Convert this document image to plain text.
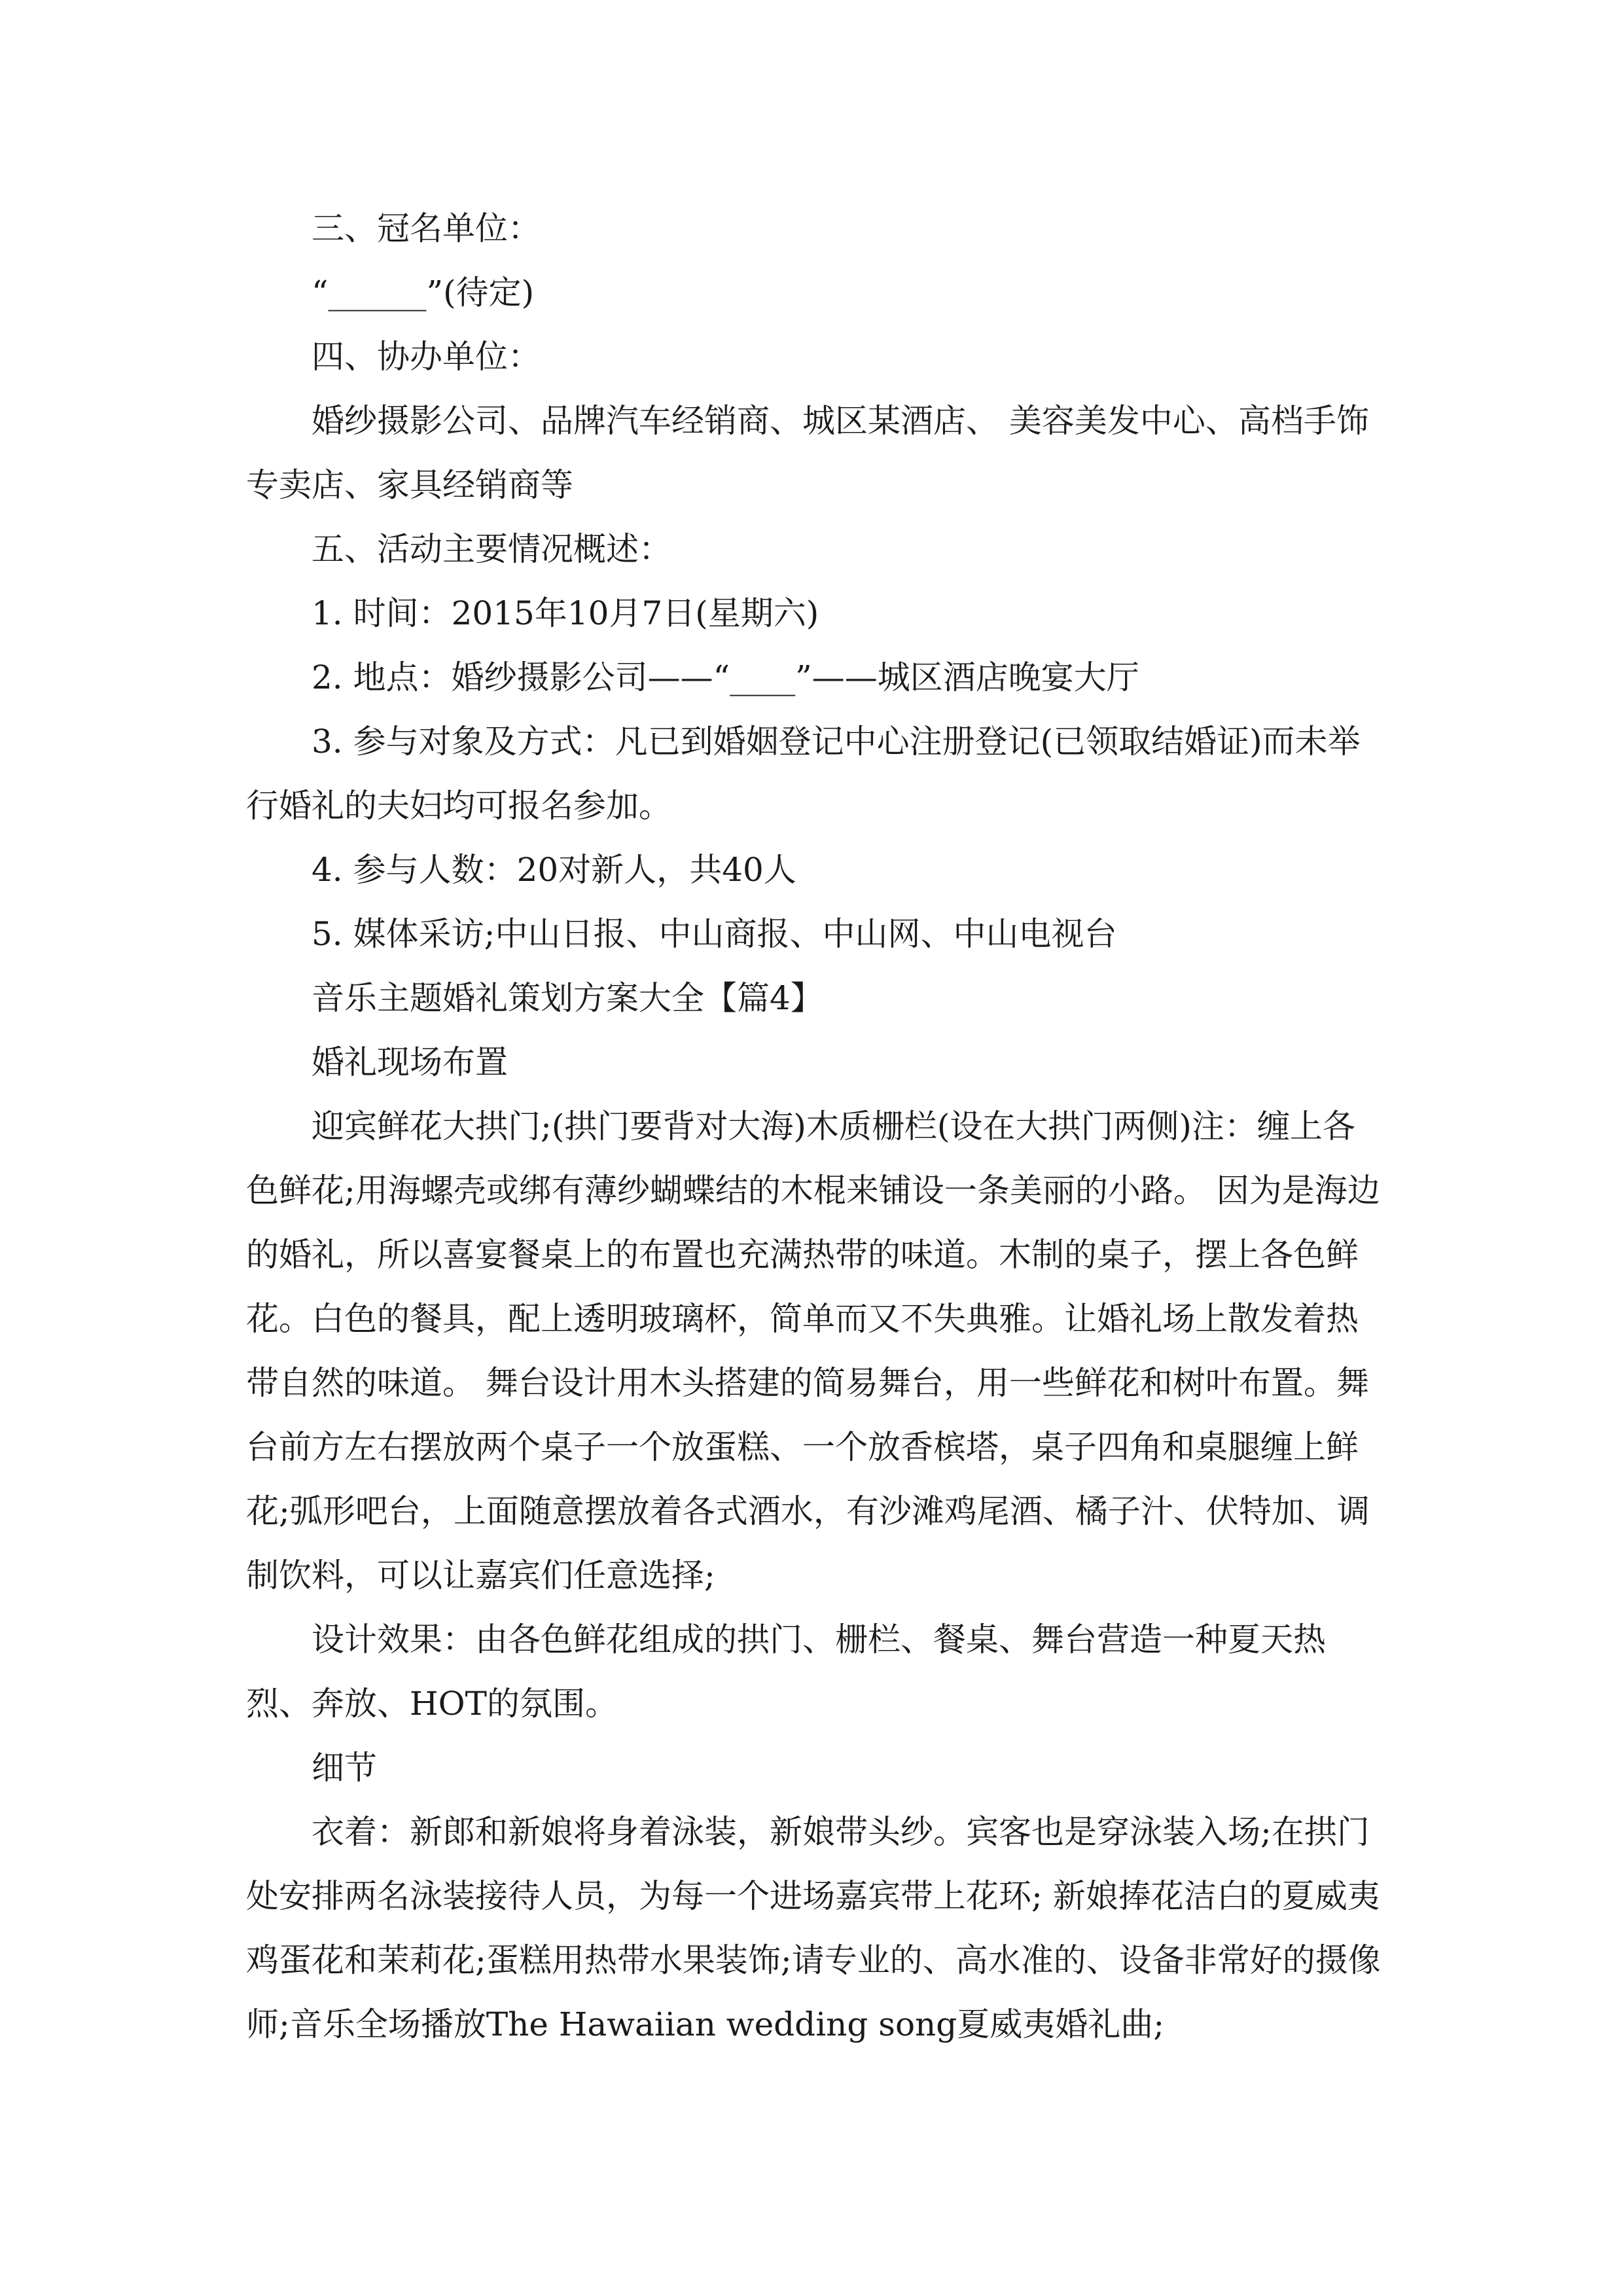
三、冠名单位：

“______”(待定)

四、协办单位：

婚纱摄影公司、品牌汽车经销商、城区某酒店、 美容美发中心、高档手饰专卖店、家具经销商等

五、活动主要情况概述：

1. 时间：2015年10月7日(星期六)

2. 地点：婚纱摄影公司——“____”——城区酒店晚宴大厅

3. 参与对象及方式：凡已到婚姻登记中心注册登记(已领取结婚证)而未举行婚礼的夫妇均可报名参加。

4. 参与人数：20对新人，共40人

5. 媒体采访;中山日报、中山商报、中山网、中山电视台

音乐主题婚礼策划方案大全【篇4】

婚礼现场布置

迎宾鲜花大拱门;(拱门要背对大海)木质栅栏(设在大拱门两侧)注：缠上各色鲜花;用海螺壳或绑有薄纱蝴蝶结的木棍来铺设一条美丽的小路。 因为是海边的婚礼，所以喜宴餐桌上的布置也充满热带的味道。木制的桌子，摆上各色鲜花。白色的餐具，配上透明玻璃杯，简单而又不失典雅。让婚礼场上散发着热带自然的味道。 舞台设计用木头搭建的简易舞台，用一些鲜花和树叶布置。舞台前方左右摆放两个桌子一个放蛋糕、一个放香槟塔，桌子四角和桌腿缠上鲜花;弧形吧台，上面随意摆放着各式酒水，有沙滩鸡尾酒、橘子汁、伏特加、调制饮料，可以让嘉宾们任意选择;

设计效果：由各色鲜花组成的拱门、栅栏、餐桌、舞台营造一种夏天热烈、奔放、HOT的氛围。

细节

衣着：新郎和新娘将身着泳装，新娘带头纱。宾客也是穿泳装入场;在拱门处安排两名泳装接待人员，为每一个进场嘉宾带上花环; 新娘捧花洁白的夏威夷鸡蛋花和茉莉花;蛋糕用热带水果装饰;请专业的、高水准的、设备非常好的摄像师;音乐全场播放The Hawaiian wedding song夏威夷婚礼曲;
